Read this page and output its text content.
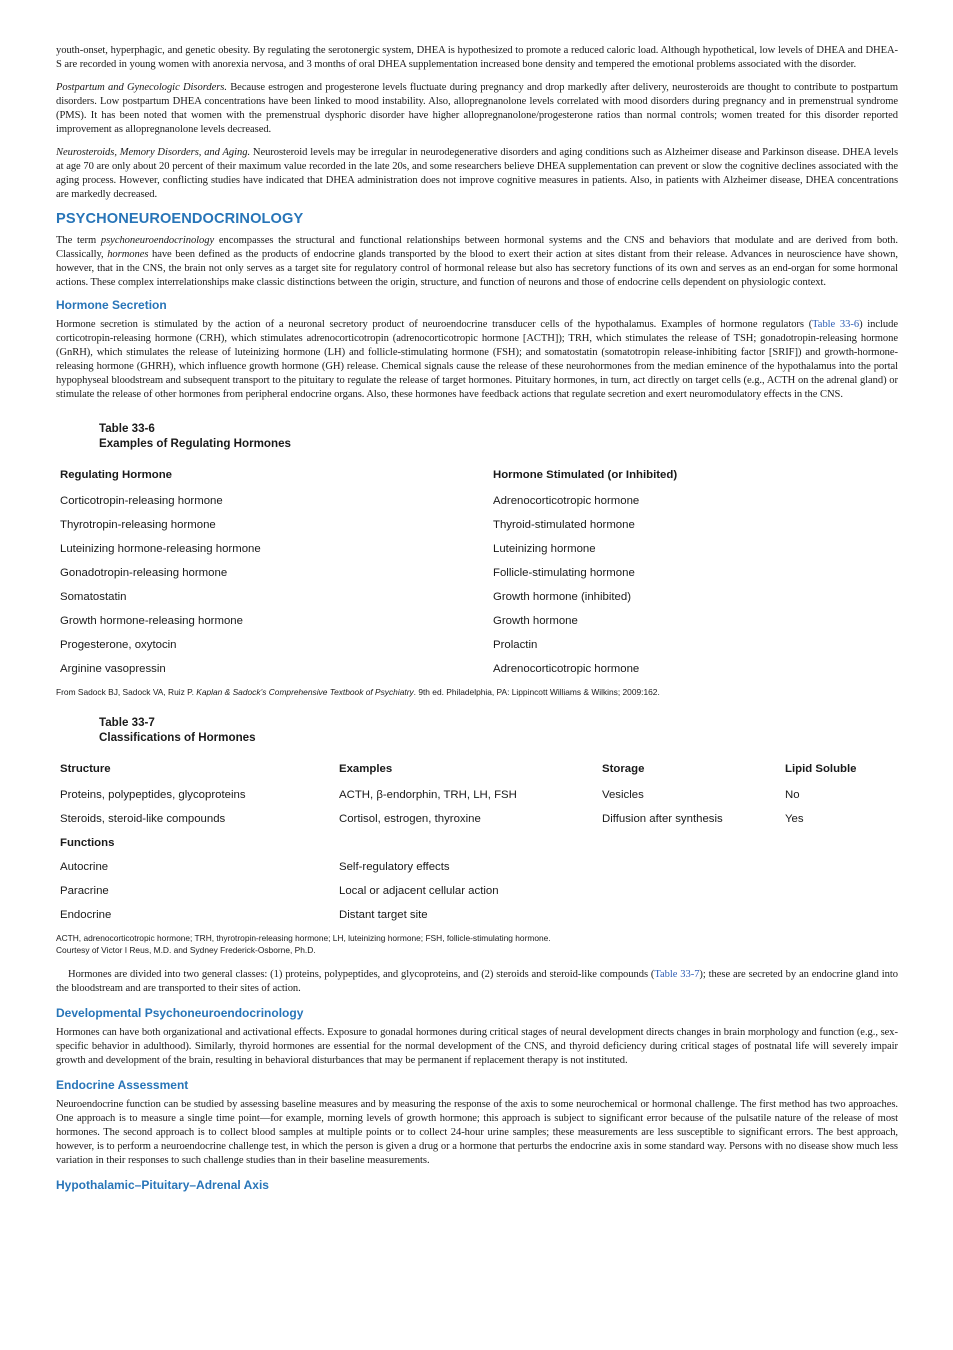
youth-onset, hyperphagic, and genetic obesity. By regulating the serotonergic system, DHEA is hypothesized to promote a reduced caloric load. Although hypothetical, low levels of DHEA and DHEA-S are recorded in young women with anorexia nervosa, and 3 months of oral DHEA supplementation increased bone density and tempered the emotional problems associated with the disorder.

Postpartum and Gynecologic Disorders. Because estrogen and progesterone levels fluctuate during pregnancy and drop markedly after delivery, neurosteroids are thought to contribute to postpartum disorders. Low postpartum DHEA concentrations have been linked to mood instability. Also, allopregnanolone levels correlated with mood disorders during pregnancy and in premenstrual syndrome (PMS). It has been noted that women with the premenstrual dysphoric disorder have higher allopregnanolone/progesterone ratios than normal controls; women treated for this disorder reported improvement as allopregnanolone levels decreased.

Neurosteroids, Memory Disorders, and Aging. Neurosteroid levels may be irregular in neurodegenerative disorders and aging conditions such as Alzheimer disease and Parkinson disease. DHEA levels at age 70 are only about 20 percent of their maximum value recorded in the late 20s, and some researchers believe DHEA supplementation can prevent or slow the cognitive declines associated with the aging process. However, conflicting studies have indicated that DHEA administration does not improve cognitive measures in patients. Also, in patients with Alzheimer disease, DHEA concentrations are markedly decreased.

PSYCHONEUROENDOCRINOLOGY

The term psychoneuroendocrinology encompasses the structural and functional relationships between hormonal systems and the CNS and behaviors that modulate and are derived from both. Classically, hormones have been defined as the products of endocrine glands transported by the blood to exert their action at sites distant from their release. Advances in neuroscience have shown, however, that in the CNS, the brain not only serves as a target site for regulatory control of hormonal release but also has secretory functions of its own and serves as an end-organ for some hormonal actions. These complex interrelationships make classic distinctions between the origin, structure, and function of neurons and those of endocrine cells dependent on physiologic context.

Hormone Secretion

Hormone secretion is stimulated by the action of a neuronal secretory product of neuroendocrine transducer cells of the hypothalamus. Examples of hormone regulators (Table 33-6) include corticotropin-releasing hormone (CRH), which stimulates adrenocorticotropin (adrenocorticotropic hormone [ACTH]); TRH, which stimulates the release of TSH; gonadotropin-releasing hormone (GnRH), which stimulates the release of luteinizing hormone (LH) and follicle-stimulating hormone (FSH); and somatostatin (somatotropin release-inhibiting factor [SRIF]) and growth-hormone-releasing hormone (GHRH), which influence growth hormone (GH) release. Chemical signals cause the release of these neurohormones from the median eminence of the hypothalamus into the portal hypophyseal bloodstream and subsequent transport to the pituitary to regulate the release of target hormones. Pituitary hormones, in turn, act directly on target cells (e.g., ACTH on the adrenal gland) or stimulate the release of other hormones from peripheral endocrine organs. Also, these hormones have feedback actions that regulate secretion and exert neuromodulatory effects in the CNS.

Table 33-6
Examples of Regulating Hormones
Regulating Hormone	Hormone Stimulated (or Inhibited)
Corticotropin-releasing hormone	Adrenocorticotropic hormone
Thyrotropin-releasing hormone	Thyroid-stimulated hormone
Luteinizing hormone-releasing hormone	Luteinizing hormone
Gonadotropin-releasing hormone	Follicle-stimulating hormone
Somatostatin	Growth hormone (inhibited)
Growth hormone-releasing hormone	Growth hormone
Progesterone, oxytocin	Prolactin
Arginine vasopressin	Adrenocorticotropic hormone
From Sadock BJ, Sadock VA, Ruiz P. Kaplan & Sadock’s Comprehensive Textbook of Psychiatry. 9th ed. Philadelphia, PA: Lippincott Williams & Wilkins; 2009:162.
Table 33-7
Classifications of Hormones
Structure	Examples	Storage	Lipid Soluble
Proteins, polypeptides, glycoproteins	ACTH, β-endorphin, TRH, LH, FSH	Vesicles	No
Steroids, steroid-like compounds	Cortisol, estrogen, thyroxine	Diffusion after synthesis	Yes
Functions
Autocrine	Self-regulatory effects
Paracrine	Local or adjacent cellular action
Endocrine	Distant target site
ACTH, adrenocorticotropic hormone; TRH, thyrotropin-releasing hormone; LH, luteinizing hormone; FSH, follicle-stimulating hormone.
Courtesy of Victor I Reus, M.D. and Sydney Frederick-Osborne, Ph.D.

Hormones are divided into two general classes: (1) proteins, polypeptides, and glycoproteins, and (2) steroids and steroid-like compounds (Table 33-7); these are secreted by an endocrine gland into the bloodstream and are transported to their sites of action.

Developmental Psychoneuroendocrinology

Hormones can have both organizational and activational effects. Exposure to gonadal hormones during critical stages of neural development directs changes in brain morphology and function (e.g., sex-specific behavior in adulthood). Similarly, thyroid hormones are essential for the normal development of the CNS, and thyroid deficiency during critical stages of postnatal life will severely impair growth and development of the brain, resulting in behavioral disturbances that may be permanent if replacement therapy is not instituted.

Endocrine Assessment

Neuroendocrine function can be studied by assessing baseline measures and by measuring the response of the axis to some neurochemical or hormonal challenge. The first method has two approaches. One approach is to measure a single time point—for example, morning levels of growth hormone; this approach is subject to significant error because of the pulsatile nature of the release of most hormones. The second approach is to collect blood samples at multiple points or to collect 24-hour urine samples; these measurements are less susceptible to significant errors. The best approach, however, is to perform a neuroendocrine challenge test, in which the person is given a drug or a hormone that perturbs the endocrine axis in some standard way. Persons with no disease show much less variation in their responses to such challenge studies than in their baseline measurements.

Hypothalamic–Pituitary–Adrenal Axis
